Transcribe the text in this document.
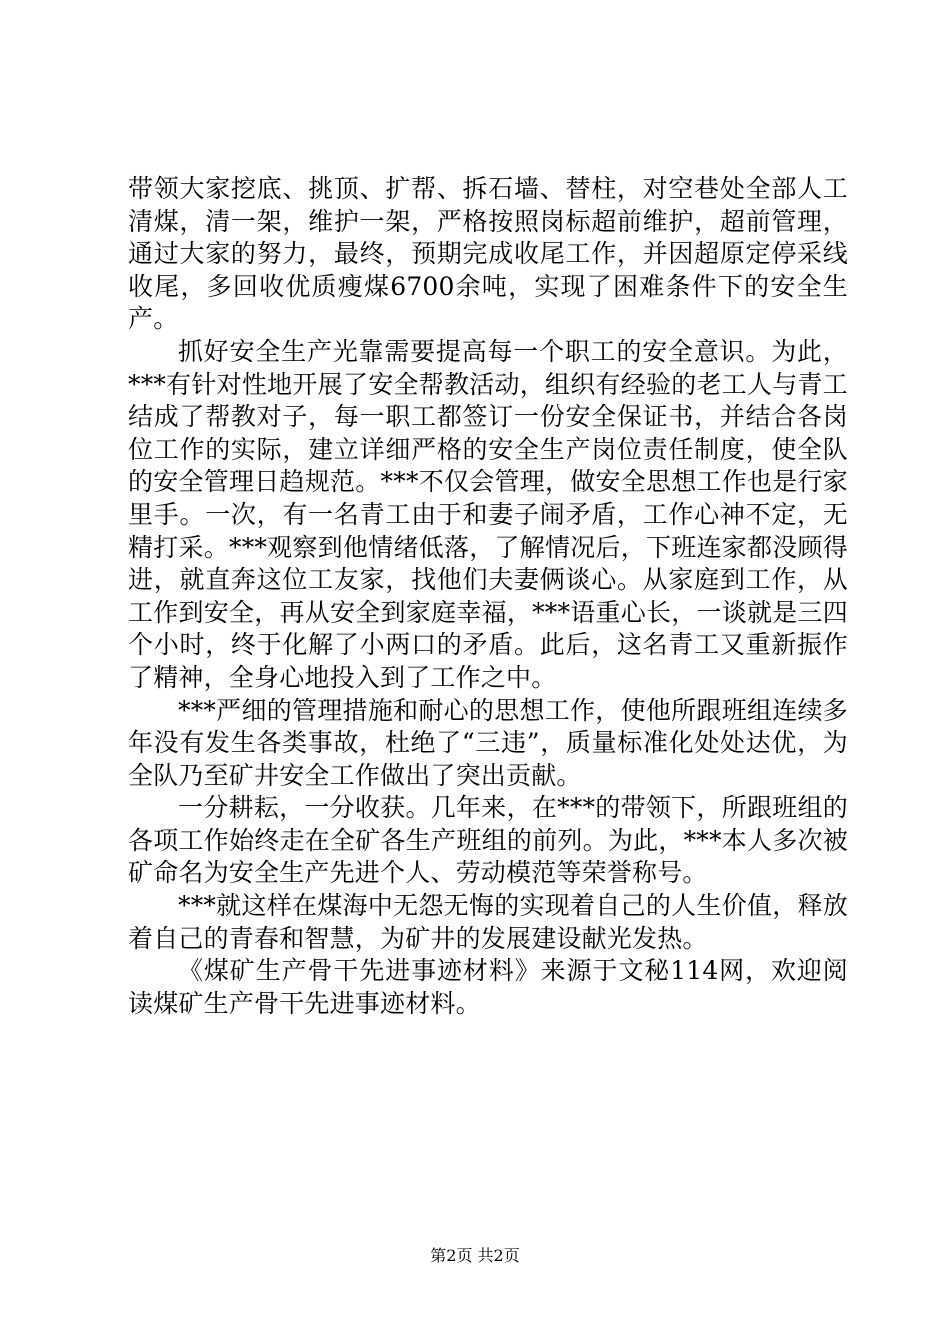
带领大家挖底、挑顶、扩帮、拆石墙、替柱，对空巷处全部人工清煤，清一架，维护一架，严格按照岗标超前维护，超前管理，通过大家的努力，最终，预期完成收尾工作，并因超原定停采线收尾，多回收优质瘦煤6700余吨，实现了困难条件下的安全生产。

抓好安全生产光靠需要提高每一个职工的安全意识。为此，***有针对性地开展了安全帮教活动，组织有经验的老工人与青工结成了帮教对子，每一职工都签订一份安全保证书，并结合各岗位工作的实际，建立详细严格的安全生产岗位责任制度，使全队的安全管理日趋规范。***不仅会管理，做安全思想工作也是行家里手。一次，有一名青工由于和妻子闹矛盾，工作心神不定，无精打采。***观察到他情绪低落，了解情况后，下班连家都没顾得进，就直奔这位工友家，找他们夫妻俩谈心。从家庭到工作，从工作到安全，再从安全到家庭幸福，***语重心长，一谈就是三四个小时，终于化解了小两口的矛盾。此后，这名青工又重新振作了精神，全身心地投入到了工作之中。

***严细的管理措施和耐心的思想工作，使他所跟班组连续多年没有发生各类事故，杜绝了“三违”，质量标准化处处达优，为全队乃至矿井安全工作做出了突出贡献。

一分耕耘，一分收获。几年来，在***的带领下，所跟班组的各项工作始终走在全矿各生产班组的前列。为此，***本人多次被矿命名为安全生产先进个人、劳动模范等荣誉称号。

***就这样在煤海中无怨无悔的实现着自己的人生价值，释放着自己的青春和智慧，为矿井的发展建设献光发热。

《煤矿生产骨干先进事迹材料》来源于文秘114网，欢迎阅读煤矿生产骨干先进事迹材料。

第2页 共2页
